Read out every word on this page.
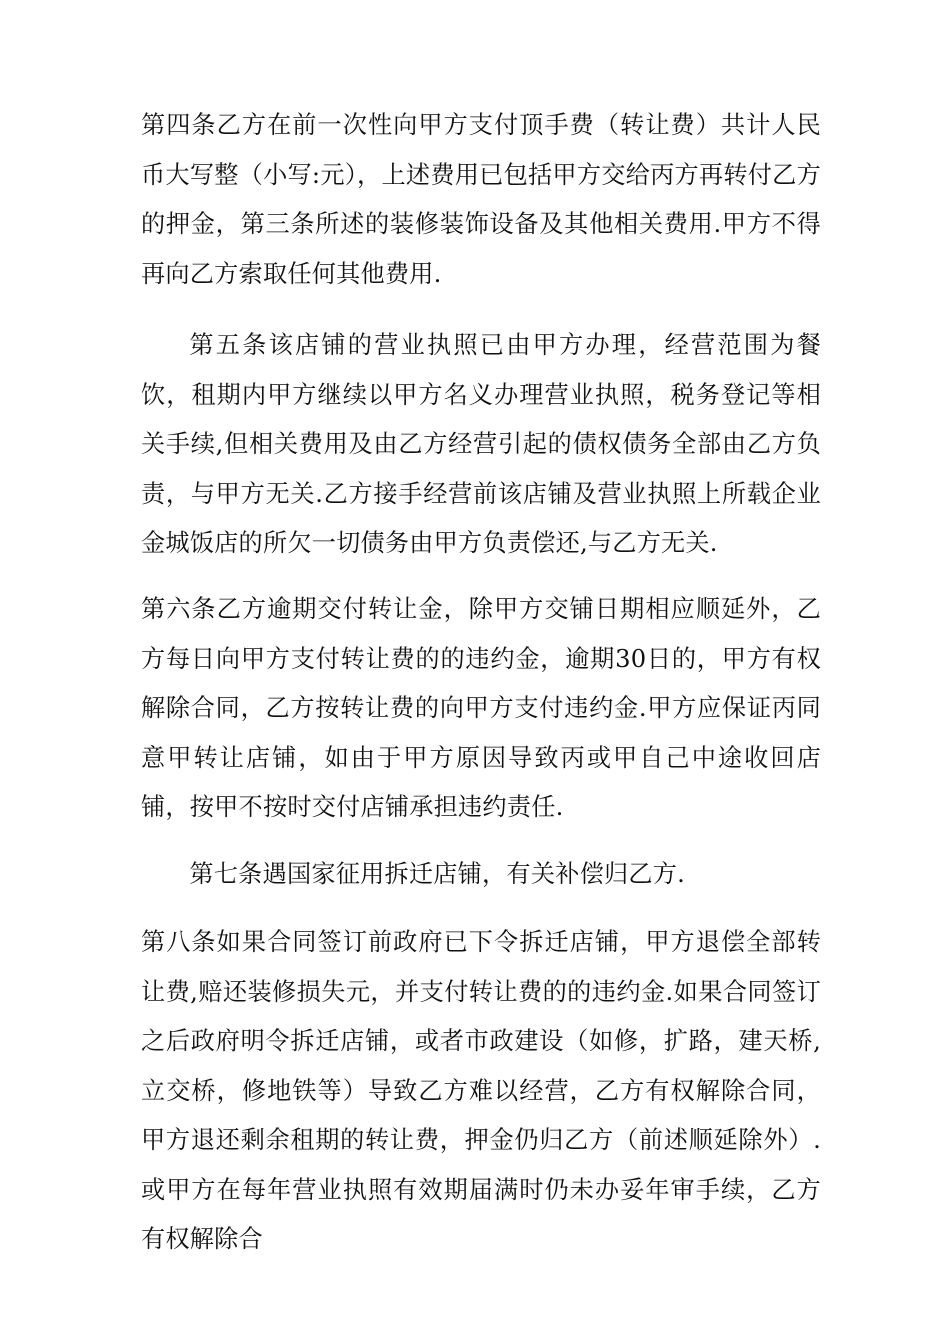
第四条乙方在前一次性向甲方支付顶手费（转让费）共计人民币大写整（小写:元），上述费用已包括甲方交给丙方再转付乙方的押金，第三条所述的装修装饰设备及其他相关费用.甲方不得再向乙方索取任何其他费用.

第五条该店铺的营业执照已由甲方办理，经营范围为餐饮，租期内甲方继续以甲方名义办理营业执照，税务登记等相关手续,但相关费用及由乙方经营引起的债权债务全部由乙方负责，与甲方无关.乙方接手经营前该店铺及营业执照上所载企业金城饭店的所欠一切债务由甲方负责偿还,与乙方无关.

第六条乙方逾期交付转让金，除甲方交铺日期相应顺延外，乙方每日向甲方支付转让费的的违约金，逾期30日的，甲方有权解除合同，乙方按转让费的向甲方支付违约金.甲方应保证丙同意甲转让店铺，如由于甲方原因导致丙或甲自己中途收回店铺，按甲不按时交付店铺承担违约责任.

第七条遇国家征用拆迁店铺，有关补偿归乙方.

第八条如果合同签订前政府已下令拆迁店铺，甲方退偿全部转让费,赔还装修损失元，并支付转让费的的违约金.如果合同签订之后政府明令拆迁店铺，或者市政建设（如修，扩路，建天桥,立交桥，修地铁等）导致乙方难以经营，乙方有权解除合同，甲方退还剩余租期的转让费，押金仍归乙方（前述顺延除外）.或甲方在每年营业执照有效期届满时仍未办妥年审手续，乙方有权解除合
